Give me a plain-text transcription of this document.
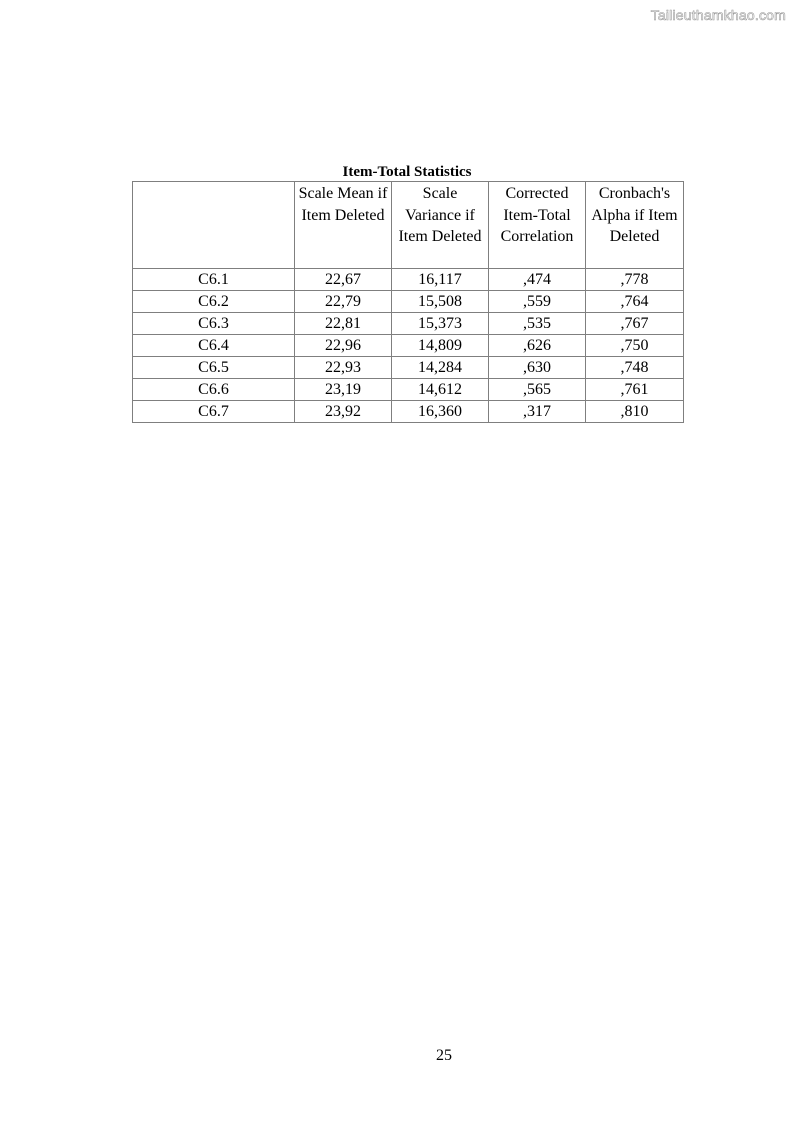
Tailieuthamkhao.com
Item-Total Statistics
	Scale Mean if Item Deleted	Scale Variance if Item Deleted	Corrected Item-Total Correlation	Cronbach's Alpha if Item Deleted
C6.1	22,67	16,117	,474	,778
C6.2	22,79	15,508	,559	,764
C6.3	22,81	15,373	,535	,767
C6.4	22,96	14,809	,626	,750
C6.5	22,93	14,284	,630	,748
C6.6	23,19	14,612	,565	,761
C6.7	23,92	16,360	,317	,810
25
